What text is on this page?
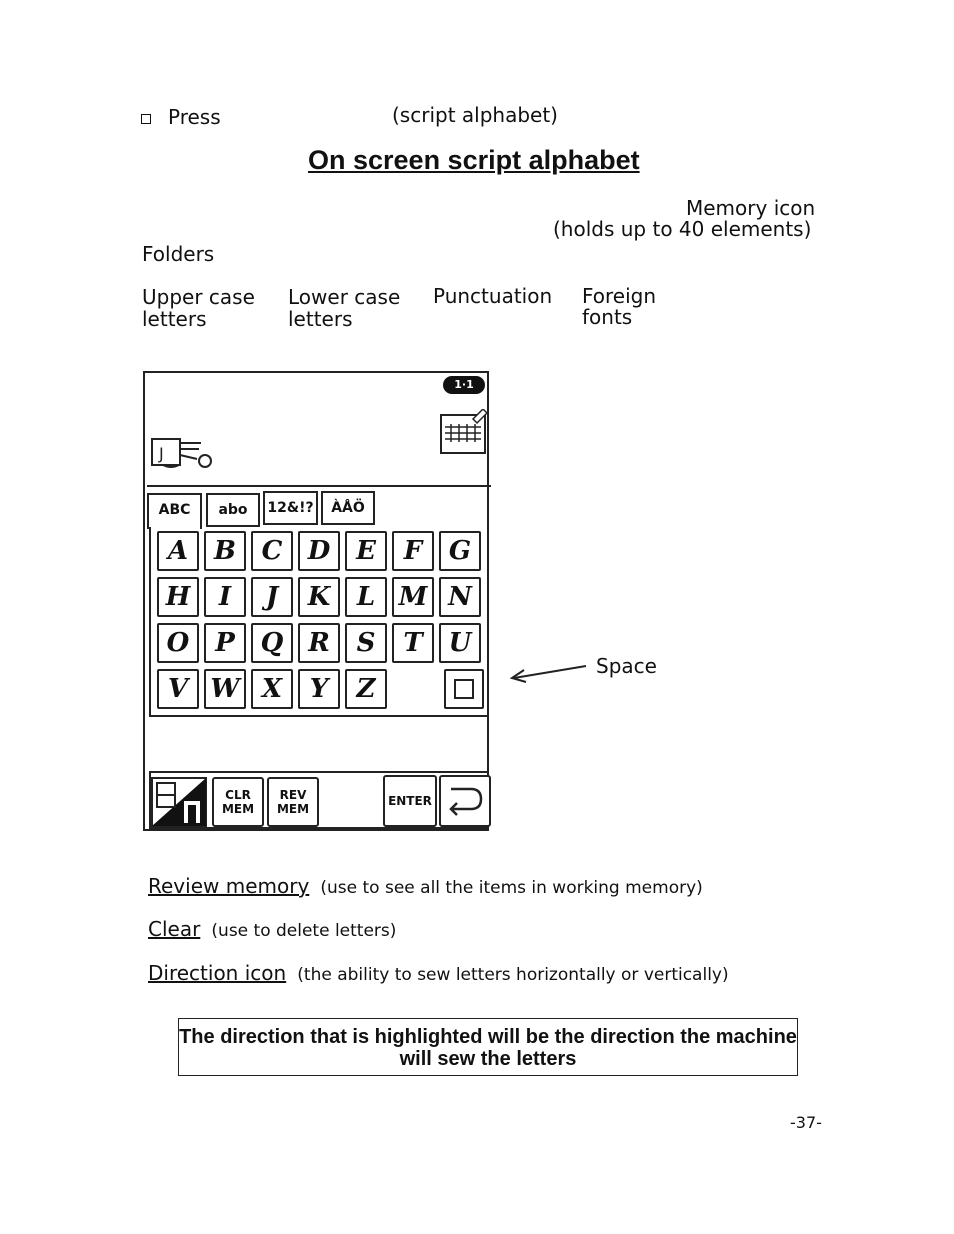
Press	(script alphabet)
On screen script alphabet
Memory icon
(holds up to 40 elements)
Folders
Upper case
letters
Lower case
letters
Punctuation Foreign
fonts
1·1
J
ABC	abo	12&!?	ÀÅÖ
A B C D E	F	G
H	I	J	K	L M N
O P Q R	S	T U
V W X	Y	Z
CLR
MEM
REV
MEM
ENTER
Space
Review memory (use to see all the items in working memory)
Clear (use to delete letters)
Direction icon (the ability to sew letters horizontally or vertically)
The direction that is highlighted will be the direction the machine will sew the letters
-37-
